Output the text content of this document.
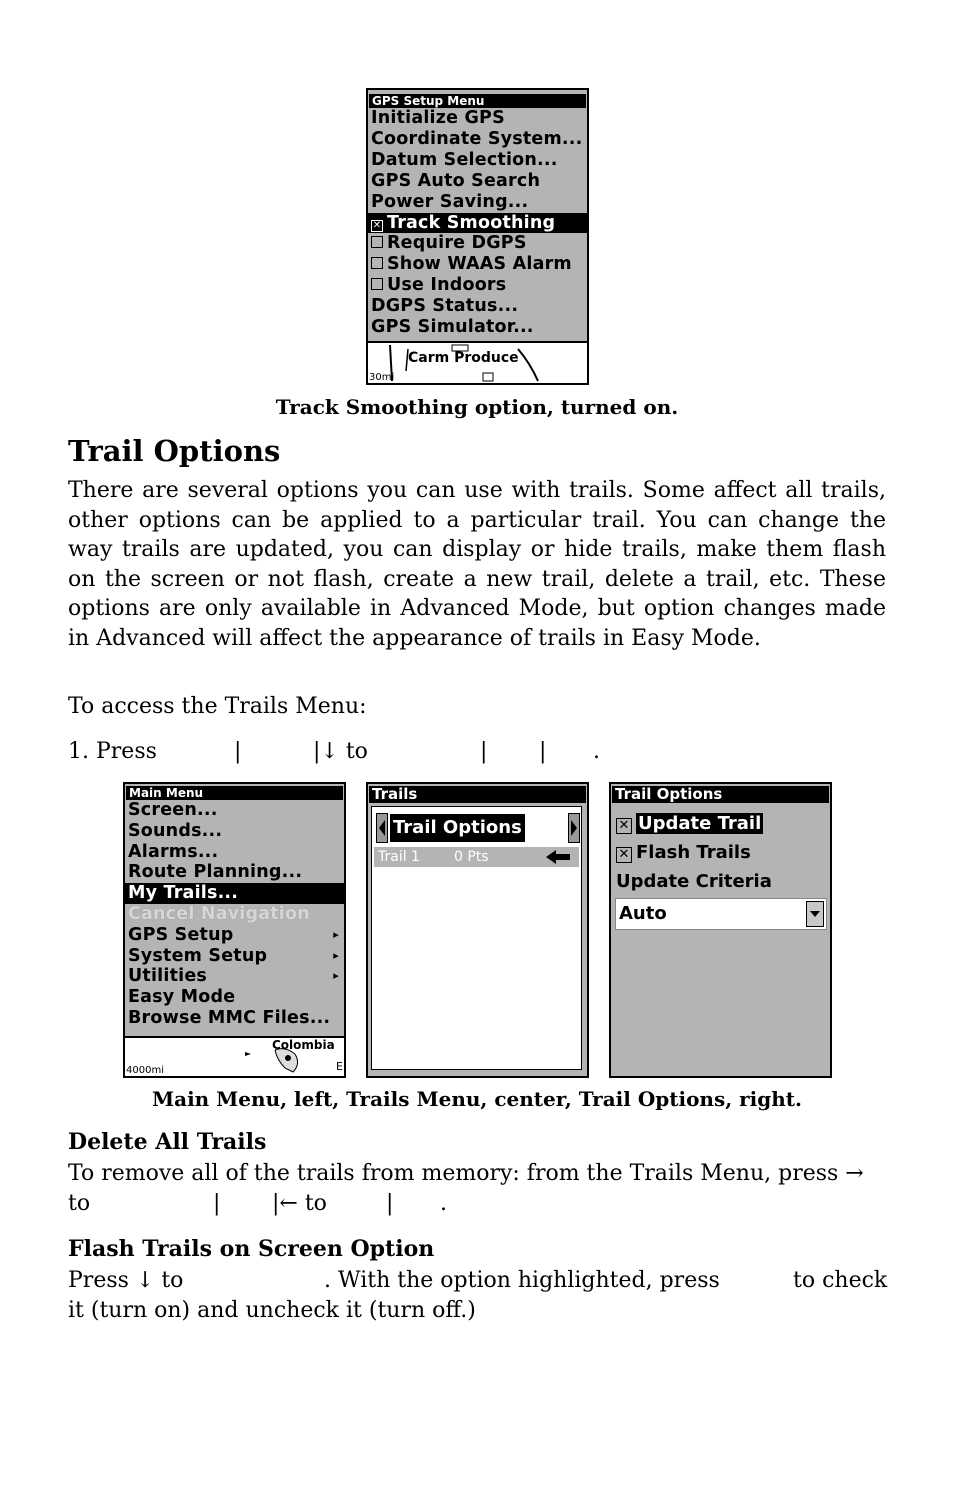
GPS Setup Menu
Initialize GPS
Coordinate System...
Datum Selection...
GPS Auto Search
Power Saving...
✕ Track Smoothing
Require DGPS
Show WAAS Alarm
Use Indoors
DGPS Status...
GPS Simulator...
Carm Produce
30mi
Track Smoothing option, turned on.
Trail Options
There are several options you can use with trails. Some affect all trails, other options can be applied to a particular trail. You can change the way trails are updated, you can display or hide trails, make them flash on the screen or not flash, create a new trail, delete a trail, etc. These options are only available in Advanced Mode, but option changes made in Advanced will affect the appearance of trails in Easy Mode.
To access the Trails Menu:
1. Press	|	|↓ to	| | .
Main Menu
Screen...
Sounds...
Alarms...
Route Planning...
My Trails...
Cancel Navigation
GPS Setup	▸
System Setup	▸
Utilities	▸
Easy Mode
Browse MMC Files...
Colombia
4000mi	E
Trails
Trail Options
Trail 1 0 Pts
Trail Options
✕ Update Trail
✕ Flash Trails
Update Criteria
Auto
Main Menu, left, Trails Menu, center, Trail Options, right.
Delete All Trails
To remove all of the trails from memory: from the Trails Menu, press →
to	| |← to	| .
Flash Trails on Screen Option
Press ↓ to	. With the option highlighted, press	to check
it (turn on) and uncheck it (turn off.)
